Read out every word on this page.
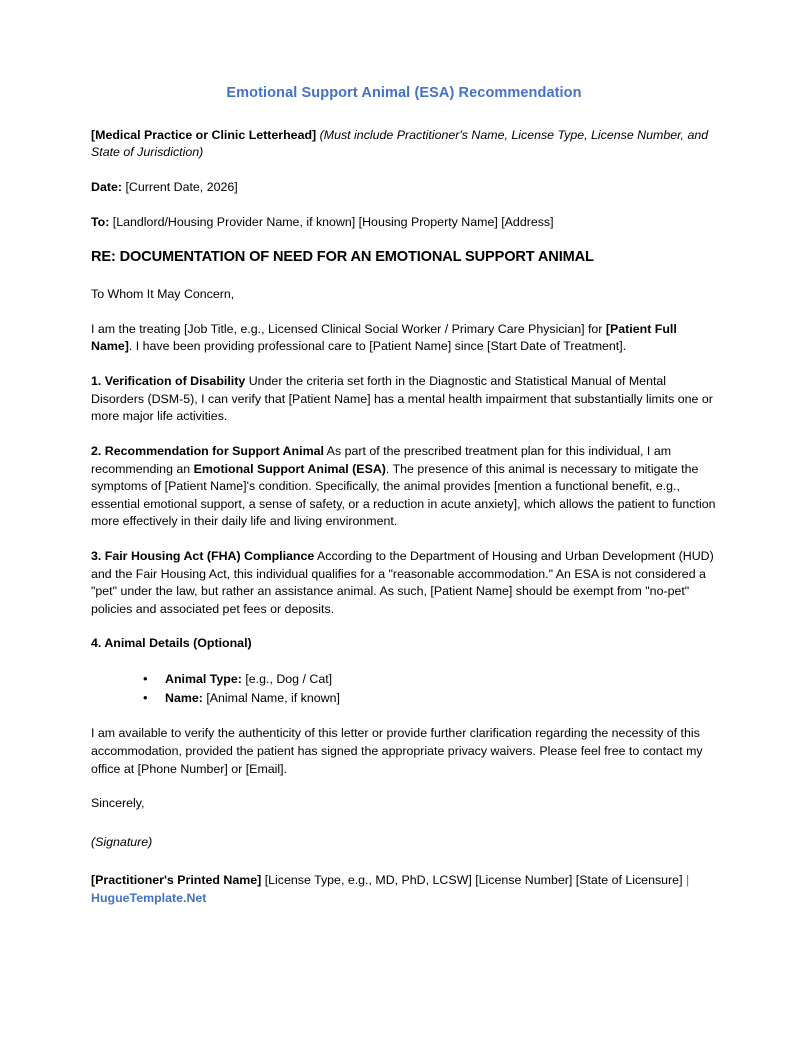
Emotional Support Animal (ESA) Recommendation

[Medical Practice or Clinic Letterhead] (Must include Practitioner's Name, License Type, License Number, and State of Jurisdiction)

Date: [Current Date, 2026]

To: [Landlord/Housing Provider Name, if known] [Housing Property Name] [Address]

RE: DOCUMENTATION OF NEED FOR AN EMOTIONAL SUPPORT ANIMAL

To Whom It May Concern,

I am the treating [Job Title, e.g., Licensed Clinical Social Worker / Primary Care Physician] for [Patient Full Name]. I have been providing professional care to [Patient Name] since [Start Date of Treatment].

1. Verification of Disability Under the criteria set forth in the Diagnostic and Statistical Manual of Mental Disorders (DSM-5), I can verify that [Patient Name] has a mental health impairment that substantially limits one or more major life activities.

2. Recommendation for Support Animal As part of the prescribed treatment plan for this individual, I am recommending an Emotional Support Animal (ESA). The presence of this animal is necessary to mitigate the symptoms of [Patient Name]'s condition. Specifically, the animal provides [mention a functional benefit, e.g., essential emotional support, a sense of safety, or a reduction in acute anxiety], which allows the patient to function more effectively in their daily life and living environment.

3. Fair Housing Act (FHA) Compliance According to the Department of Housing and Urban Development (HUD) and the Fair Housing Act, this individual qualifies for a "reasonable accommodation." An ESA is not considered a "pet" under the law, but rather an assistance animal. As such, [Patient Name] should be exempt from "no-pet" policies and associated pet fees or deposits.

4. Animal Details (Optional)

• Animal Type: [e.g., Dog / Cat]
• Name: [Animal Name, if known]

I am available to verify the authenticity of this letter or provide further clarification regarding the necessity of this accommodation, provided the patient has signed the appropriate privacy waivers. Please feel free to contact my office at [Phone Number] or [Email].

Sincerely,

(Signature)

[Practitioner's Printed Name] [License Type, e.g., MD, PhD, LCSW] [License Number] [State of Licensure] | HugueTemplate.Net
